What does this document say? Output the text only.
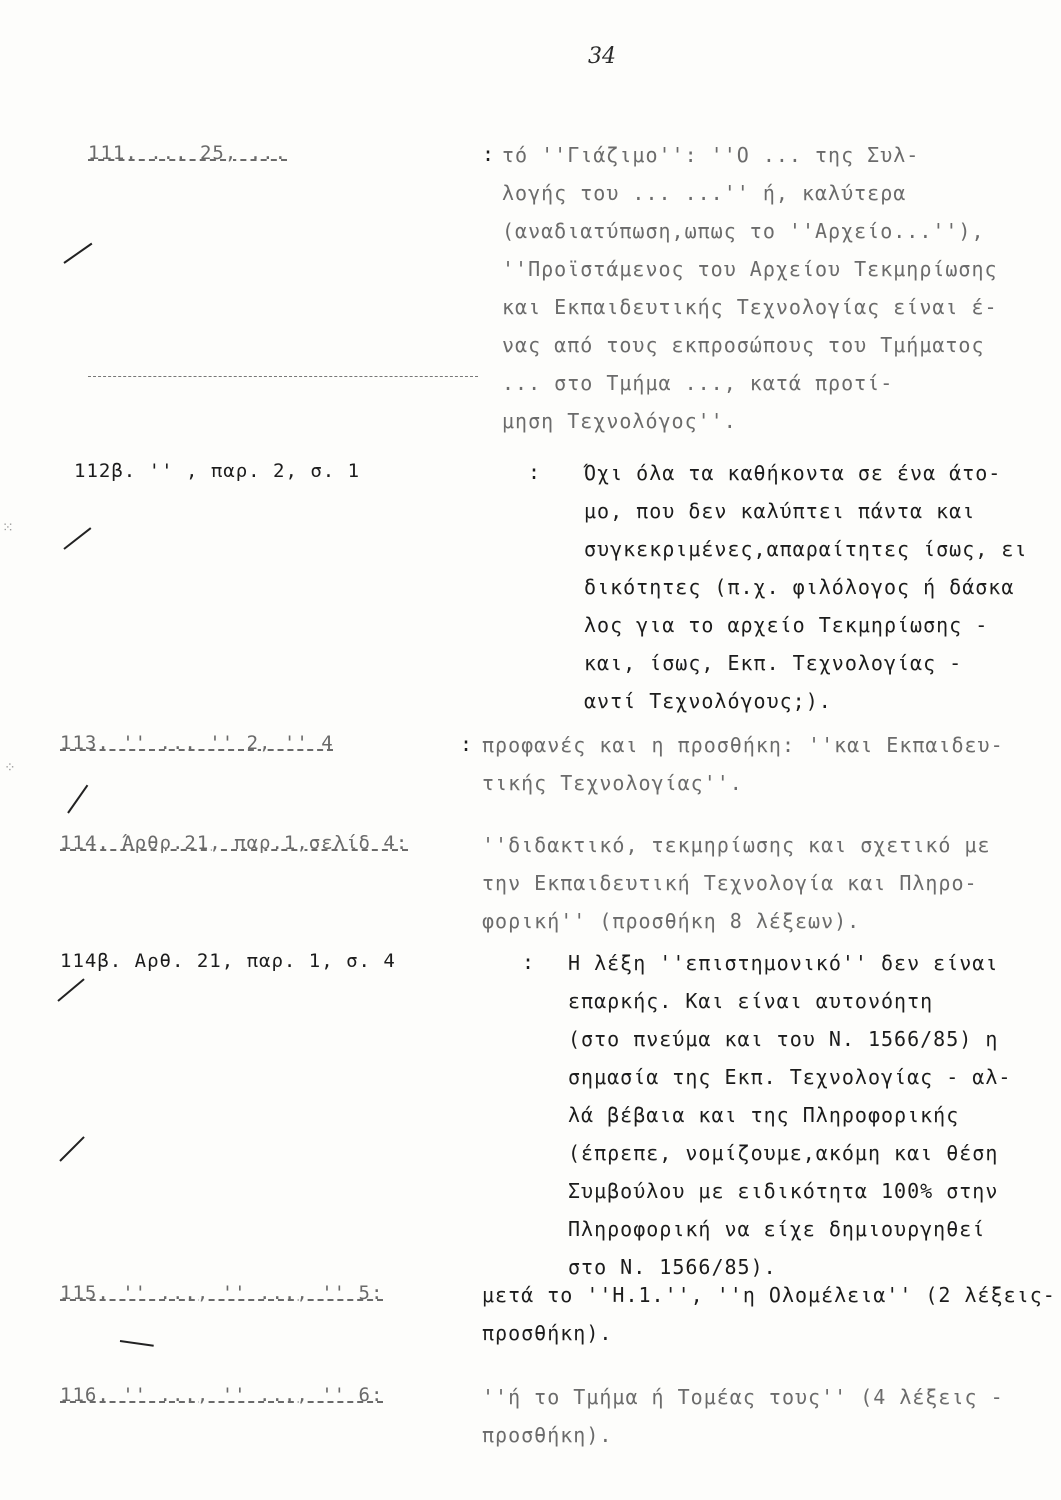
34
111. ... 25, ...	: τό ''Γιάζιμο'': ''Ο ... της Συλ-
λογής του ... ...'' ή, καλύτερα
(αναδιατύπωση,ωπως το ''Αρχείο...''),
''Προϊστάμενος του Αρχείου Τεκμηρίωσης
και Εκπαιδευτικής Τεχνολογίας είναι έ-
νας από τους εκπροσώπους του Τμήματος
... στο Τμήμα ..., κατά προτί-
μηση Τεχνολόγος''.
112β. '' , παρ. 2, σ. 1	: Όχι όλα τα καθήκοντα σε ένα άτο-
μο, που δεν καλύπτει πάντα και
συγκεκριμένες,απαραίτητες ίσως, ει
δικότητες (π.χ. φιλόλογος ή δάσκα
λος για το αρχείο Τεκμηρίωσης -
και, ίσως, Εκπ. Τεχνολογίας -
αντί Τεχνολόγους;).
113. '' ... '' 2, '' 4	: προφανές και η προσθήκη: ''και Εκπαιδευ-
τικής Τεχνολογίας''.
114. Άρθρ.21, παρ.1,σελίδ 4:	''διδακτικό, τεκμηρίωσης και σχετικό με
την Εκπαιδευτική Τεχνολογία και Πληρο-
φορική'' (προσθήκη 8 λέξεων).
114β. Αρθ. 21, παρ. 1, σ. 4	: Η λέξη ''επιστημονικό'' δεν είναι
επαρκής. Και είναι αυτονόητη
(στο πνεύμα και του Ν. 1566/85) η
σημασία της Εκπ. Τεχνολογίας - αλ-
λά βέβαια και της Πληροφορικής
(έπρεπε, νομίζουμε,ακόμη και θέση
Συμβούλου με ειδικότητα 100% στην
Πληροφορική να είχε δημιουργηθεί
στο Ν. 1566/85).
115. '' ..., '' ..., '' 5:	μετά το ''Η.1.'', ''η Ολομέλεια'' (2 λέξεις-
προσθήκη).
116. '' ..., '' ..., '' 6:	''ή το Τμήμα ή Τομέας τους'' (4 λέξεις -
προσθήκη).
⁙
⁘
